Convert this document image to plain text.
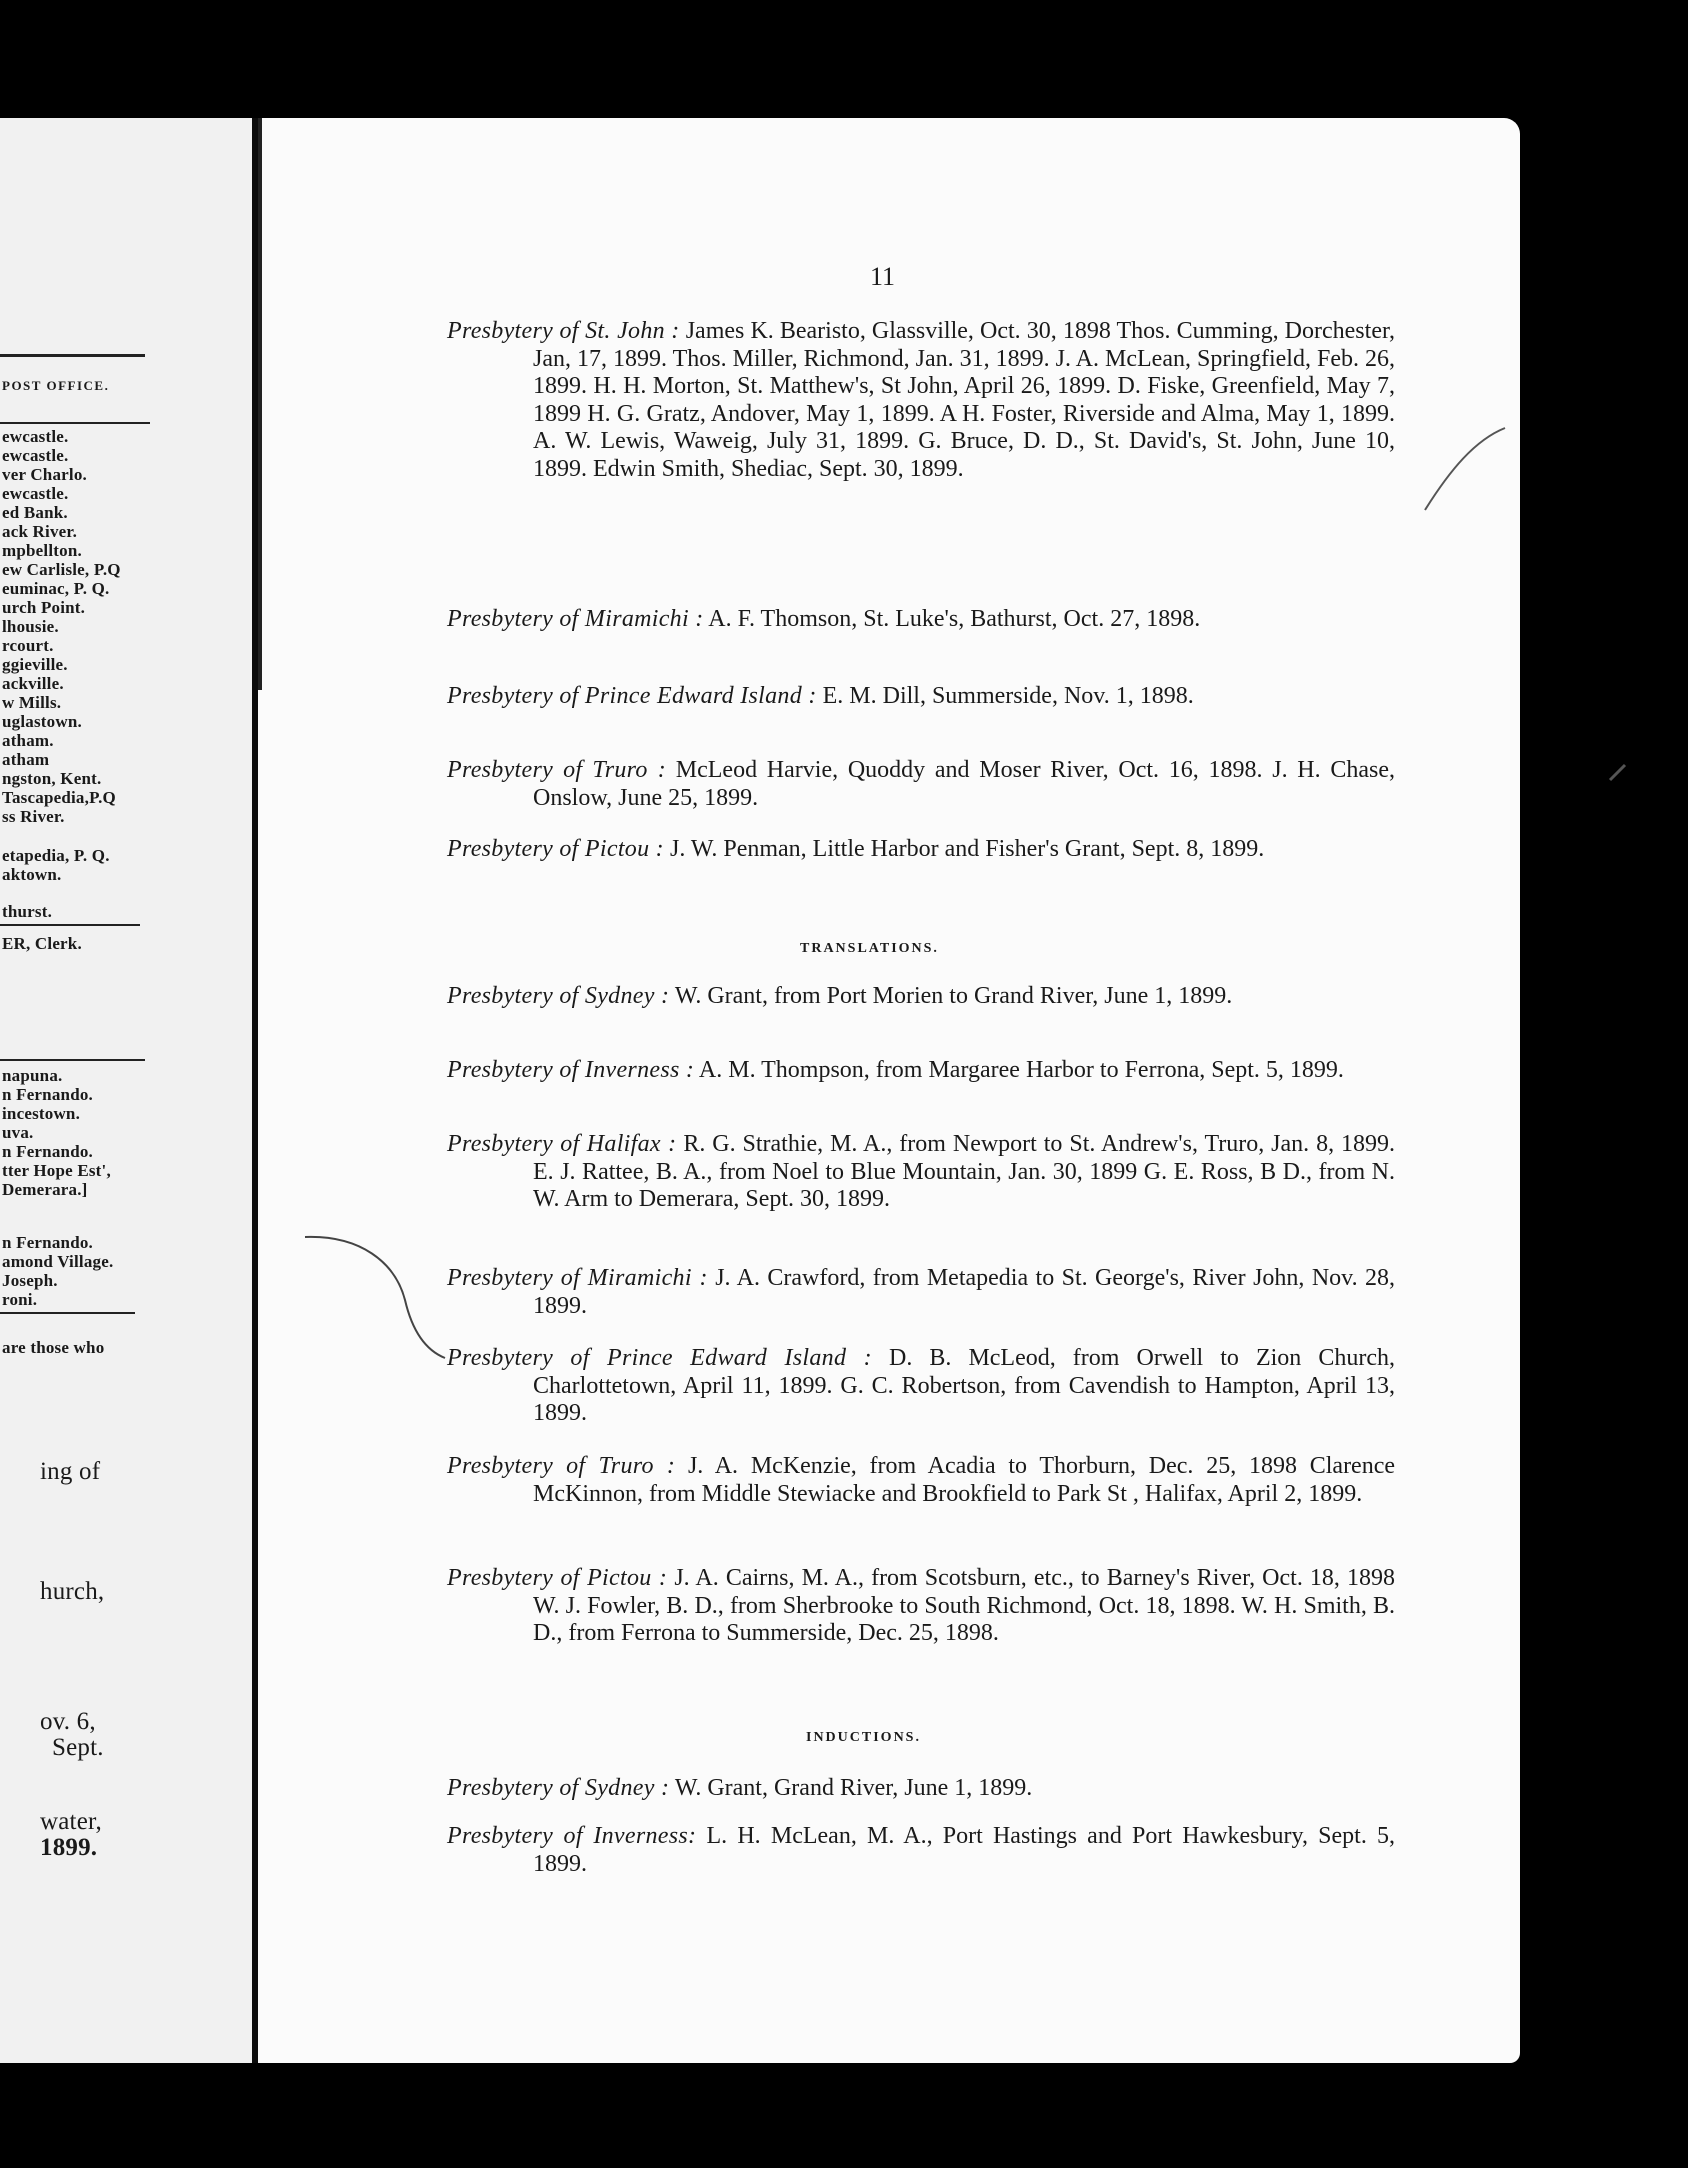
POST OFFICE.
ewcastle.
ewcastle.
ver Charlo.
ewcastle.
ed Bank.
ack River.
mpbellton.
ew Carlisle, P.Q
euminac, P. Q.
urch Point.
lhousie.
rcourt.
ggieville.
ackville.
w Mills.
uglastown.
atham.
atham
ngston, Kent.
Tascapedia,P.Q
ss River.
etapedia, P. Q.
aktown.
thurst.
ER, Clerk.
napuna.
n Fernando.
incestown.
uva.
n Fernando.
tter Hope Est',
Demerara.]
n Fernando.
amond Village.
Joseph.
roni.
are those who
ing of
hurch,
ov. 6,
Sept.
water,
1899.
11
Presbytery of St. John : James K. Bearisto, Glassville, Oct. 30, 1898 Thos. Cumming, Dorchester, Jan, 17, 1899. Thos. Miller, Richmond, Jan. 31, 1899. J. A. McLean, Springfield, Feb. 26, 1899. H. H. Morton, St. Matthew's, St John, April 26, 1899. D. Fiske, Greenfield, May 7, 1899 H. G. Gratz, Andover, May 1, 1899. A H. Foster, Riverside and Alma, May 1, 1899. A. W. Lewis, Waweig, July 31, 1899. G. Bruce, D. D., St. David's, St. John, June 10, 1899. Edwin Smith, Shediac, Sept. 30, 1899.
Presbytery of Miramichi : A. F. Thomson, St. Luke's, Bathurst, Oct. 27, 1898.
Presbytery of Prince Edward Island : E. M. Dill, Summerside, Nov. 1, 1898.
Presbytery of Truro : McLeod Harvie, Quoddy and Moser River, Oct. 16, 1898. J. H. Chase, Onslow, June 25, 1899.
Presbytery of Pictou : J. W. Penman, Little Harbor and Fisher's Grant, Sept. 8, 1899.
TRANSLATIONS.
Presbytery of Sydney : W. Grant, from Port Morien to Grand River, June 1, 1899.
Presbytery of Inverness : A. M. Thompson, from Margaree Harbor to Ferrona, Sept. 5, 1899.
Presbytery of Halifax : R. G. Strathie, M. A., from Newport to St. Andrew's, Truro, Jan. 8, 1899. E. J. Rattee, B. A., from Noel to Blue Mountain, Jan. 30, 1899 G. E. Ross, B D., from N. W. Arm to Demerara, Sept. 30, 1899.
Presbytery of Miramichi : J. A. Crawford, from Metapedia to St. George's, River John, Nov. 28, 1899.
Presbytery of Prince Edward Island : D. B. McLeod, from Orwell to Zion Church, Charlottetown, April 11, 1899. G. C. Robertson, from Cavendish to Hampton, April 13, 1899.
Presbytery of Truro : J. A. McKenzie, from Acadia to Thorburn, Dec. 25, 1898 Clarence McKinnon, from Middle Stewiacke and Brookfield to Park St , Halifax, April 2, 1899.
Presbytery of Pictou : J. A. Cairns, M. A., from Scotsburn, etc., to Barney's River, Oct. 18, 1898 W. J. Fowler, B. D., from Sherbrooke to South Richmond, Oct. 18, 1898. W. H. Smith, B. D., from Ferrona to Summerside, Dec. 25, 1898.
INDUCTIONS.
Presbytery of Sydney : W. Grant, Grand River, June 1, 1899.
Presbytery of Inverness: L. H. McLean, M. A., Port Hastings and Port Hawkesbury, Sept. 5, 1899.
